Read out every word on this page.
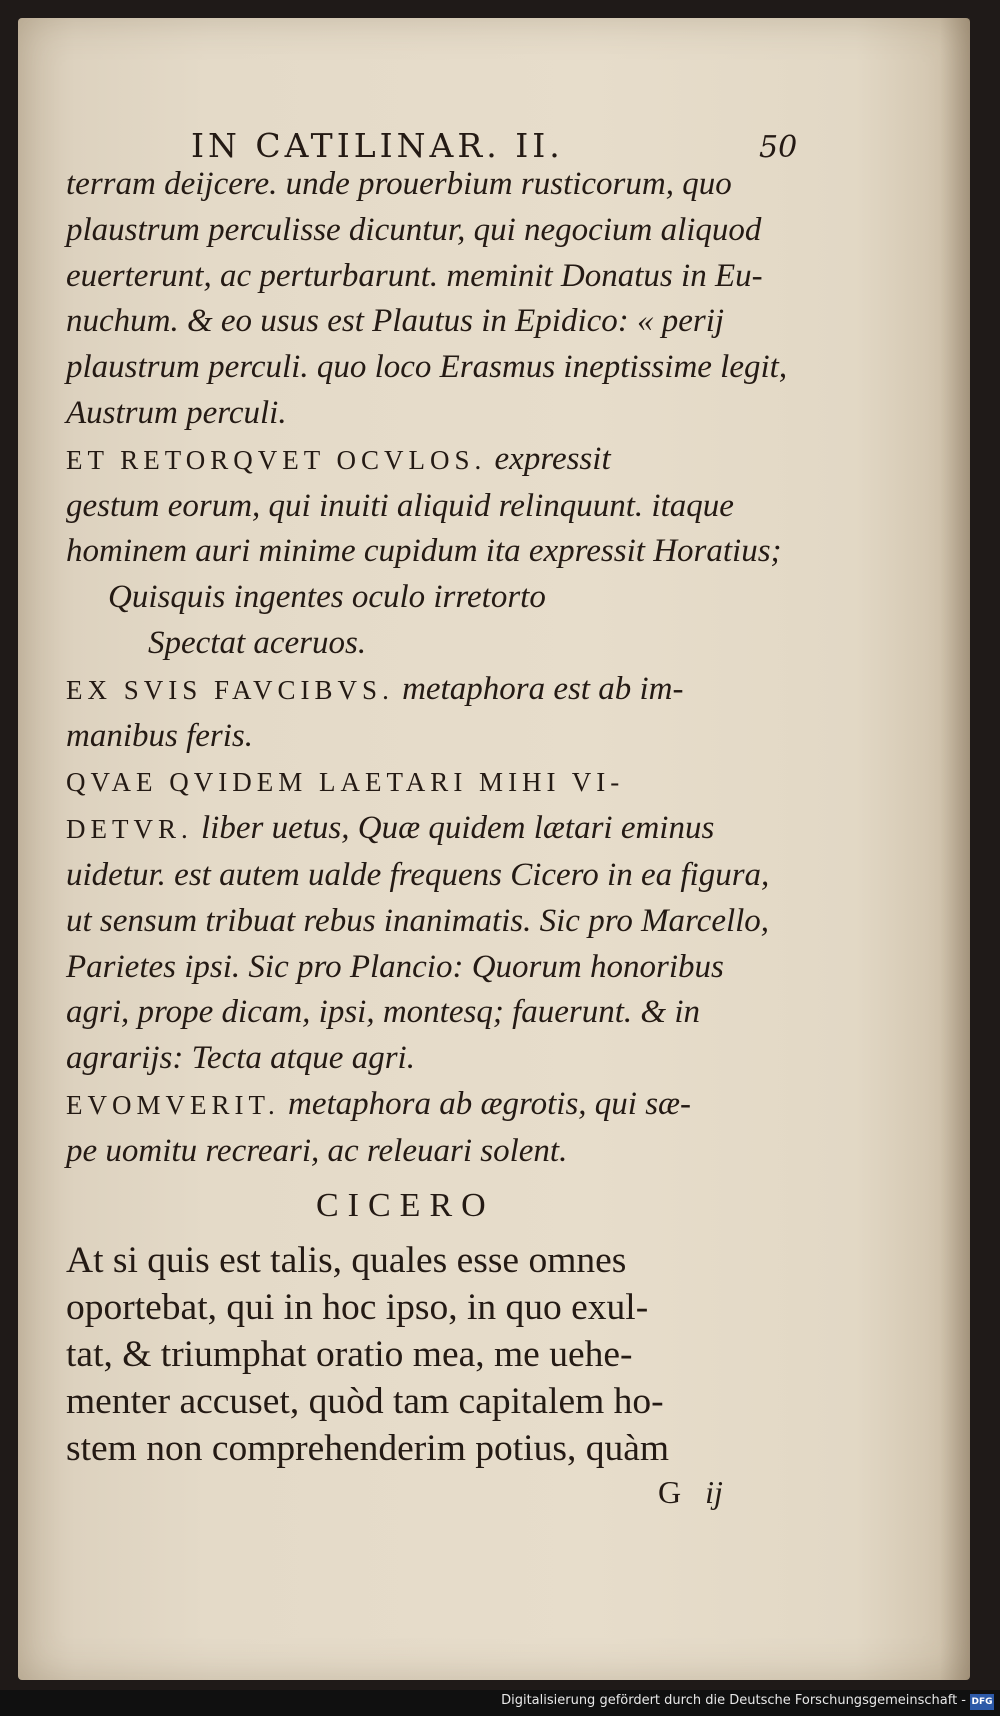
IN CATILINAR. II.	50
terram deijcere. unde prouerbium rusticorum, quo
plaustrum perculisse dicuntur, qui negocium aliquod
euerterunt, ac perturbarunt. meminit Donatus in Eu-
nuchum. & eo usus est Plautus in Epidico: « perij
plaustrum perculi. quo loco Erasmus ineptissime legit,
Austrum perculi.
ET RETORQVET OCVLOS. expressit
gestum eorum, qui inuiti aliquid relinquunt. itaque
hominem auri minime cupidum ita expressit Horatius;
Quisquis ingentes oculo irretorto
Spectat aceruos.
EX SVIS FAVCIBVS. metaphora est ab im-
manibus feris.
QVAE QVIDEM LAETARI MIHI VI-
DETVR. liber uetus, Quæ quidem lætari eminus
uidetur. est autem ualde frequens Cicero in ea figura,
ut sensum tribuat rebus inanimatis. Sic pro Marcello,
Parietes ipsi. Sic pro Plancio: Quorum honoribus
agri, prope dicam, ipsi, montesq; fauerunt. & in
agrarijs: Tecta atque agri.
EVOMVERIT. metaphora ab ægrotis, qui sæ-
pe uomitu recreari, ac releuari solent.
CICERO
At si quis est talis, quales esse omnes
oportebat, qui in hoc ipso, in quo exul-
tat, & triumphat oratio mea, me uehe-
menter accuset, quòd tam capitalem ho-
stem non comprehenderim potius, quàm
G ij
Digitalisierung gefördert durch die Deutsche Forschungsgemeinschaft - DFG
